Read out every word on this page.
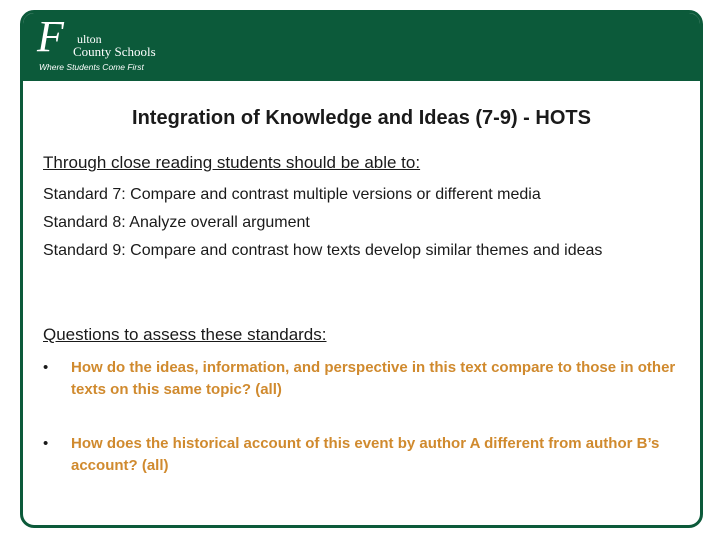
F ulton
County Schools
Where Students Come First
Integration of Knowledge and Ideas (7-9) - HOTS
Through close reading students should be able to:

Standard 7: Compare and contrast multiple versions or different media

Standard 8: Analyze overall argument

Standard 9: Compare and contrast how texts develop similar themes and ideas

Questions to assess these standards:
• How do the ideas, information, and perspective in this text compare to those in other texts on this same topic? (all)
• How does the historical account of this event by author A different from author B’s account? (all)
